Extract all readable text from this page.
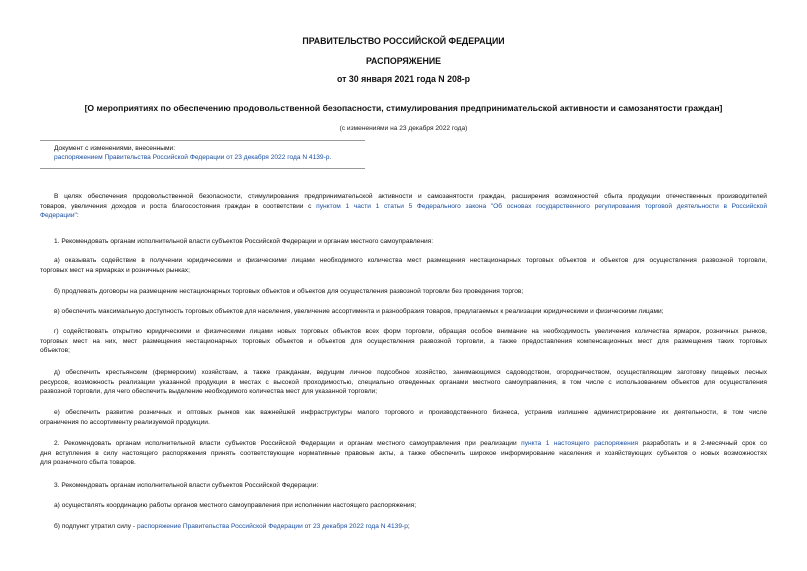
ПРАВИТЕЛЬСТВО РОССИЙСКОЙ ФЕДЕРАЦИИ
РАСПОРЯЖЕНИЕ
от 30 января 2021 года N 208-р
[О мероприятиях по обеспечению продовольственной безопасности, стимулирования предпринимательской активности и самозанятости граждан]
(с изменениями на 23 декабря 2022 года)
Документ с изменениями, внесенными:
распоряжением Правительства Российской Федерации от 23 декабря 2022 года N 4139-р.
В целях обеспечения продовольственной безопасности, стимулирования предпринимательской активности и самозанятости граждан, расширения возможностей сбыта продукции отечественных производителей
товаров, увеличения доходов и роста благосостояния граждан в соответствии с пунктом 1 части 1 статьи 5 Федерального закона "Об основах государственного регулирования торговой деятельности в Российской
Федерации":
1. Рекомендовать органам исполнительной власти субъектов Российской Федерации и органам местного самоуправления:
а) оказывать содействие в получении юридическими и физическими лицами необходимого количества мест размещения нестационарных торговых объектов и объектов для осуществления развозной торговли,
торговых мест на ярмарках и розничных рынках;
б) продлевать договоры на размещение нестационарных торговых объектов и объектов для осуществления развозной торговли без проведения торгов;
в) обеспечить максимальную доступность торговых объектов для населения, увеличение ассортимента и разнообразия товаров, предлагаемых к реализации юридическими и физическими лицами;
г) содействовать открытию юридическими и физическими лицами новых торговых объектов всех форм торговли, обращая особое внимание на необходимость увеличения количества ярмарок, розничных рынков,
торговых мест на них, мест размещения нестационарных торговых объектов и объектов для осуществления развозной торговли, а также предоставления компенсационных мест для размещения таких торговых
объектов;
д) обеспечить крестьянским (фермерским) хозяйствам, а также гражданам, ведущим личное подсобное хозяйство, занимающимся садоводством, огородничеством, осуществляющим заготовку пищевых лесных
ресурсов, возможность реализации указанной продукции в местах с высокой проходимостью, специально отведенных органами местного самоуправления, в том числе с использованием объектов для осуществления
развозной торговли, для чего обеспечить выделение необходимого количества мест для указанной торговли;
е) обеспечить развитие розничных и оптовых рынков как важнейшей инфраструктуры малого торгового и производственного бизнеса, устранив излишнее администрирование их деятельности, в том числе
ограничения по ассортименту реализуемой продукции.
2. Рекомендовать органам исполнительной власти субъектов Российской Федерации и органам местного самоуправления при реализации пункта 1 настоящего распоряжения разработать и в 2-месячный срок со
дня вступления в силу настоящего распоряжения принять соответствующие нормативные правовые акты, а также обеспечить широкое информирование населения и хозяйствующих субъектов о новых возможностях
для розничного сбыта товаров.
3. Рекомендовать органам исполнительной власти субъектов Российской Федерации:
а) осуществлять координацию работы органов местного самоуправления при исполнении настоящего распоряжения;
б) подпункт утратил силу - распоряжение Правительства Российской Федерации от 23 декабря 2022 года N 4139-р;
